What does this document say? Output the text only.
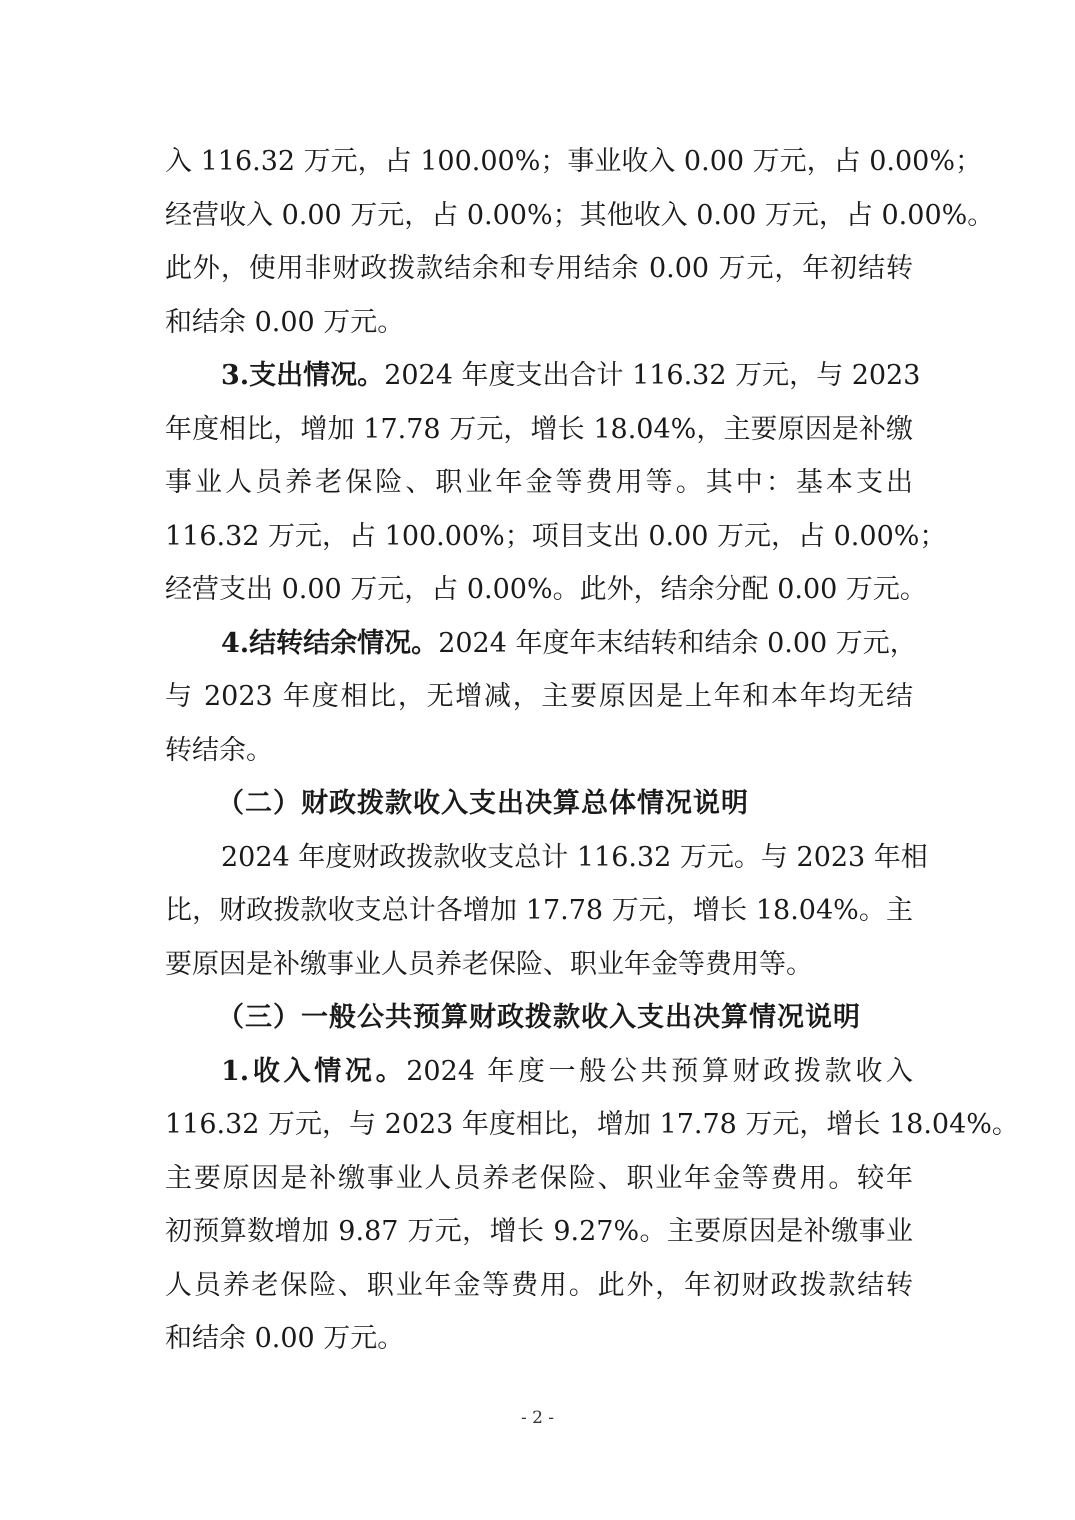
入 116.32 万元，占 100.00%；事业收入 0.00 万元，占 0.00%；
经营收入 0.00 万元，占 0.00%；其他收入 0.00 万元，占 0.00%。
此外，使用非财政拨款结余和专用结余 0.00 万元，年初结转
和结余 0.00 万元。
3.支出情况。2024 年度支出合计 116.32 万元，与 2023
年度相比，增加 17.78 万元，增长 18.04%，主要原因是补缴
事业人员养老保险、职业年金等费用等。其中：基本支出
116.32 万元，占 100.00%；项目支出 0.00 万元，占 0.00%；
经营支出 0.00 万元，占 0.00%。此外，结余分配 0.00 万元。
4.结转结余情况。2024 年度年末结转和结余 0.00 万元，
与 2023 年度相比，无增减，主要原因是上年和本年均无结
转结余。
（二）财政拨款收入支出决算总体情况说明
2024 年度财政拨款收支总计 116.32 万元。与 2023 年相
比，财政拨款收支总计各增加 17.78 万元，增长 18.04%。主
要原因是补缴事业人员养老保险、职业年金等费用等。
（三）一般公共预算财政拨款收入支出决算情况说明
1.收入情况。2024 年度一般公共预算财政拨款收入
116.32 万元，与 2023 年度相比，增加 17.78 万元，增长 18.04%。
主要原因是补缴事业人员养老保险、职业年金等费用。较年
初预算数增加 9.87 万元，增长 9.27%。主要原因是补缴事业
人员养老保险、职业年金等费用。此外，年初财政拨款结转
和结余 0.00 万元。
- 2 -
